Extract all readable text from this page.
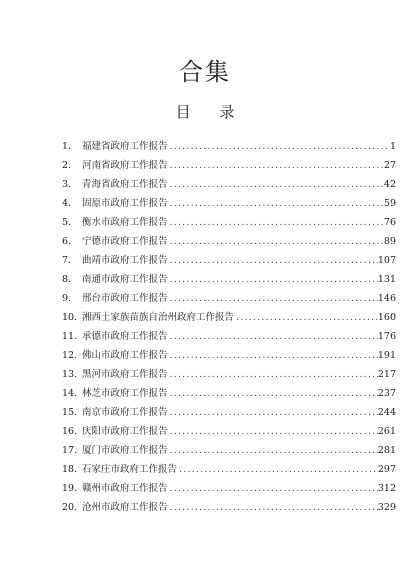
合集
目 录
1.	福建省政府工作报告 .....	1
2.	河南省政府工作报告 .....	27
3.	青海省政府工作报告 .....	42
4.	固原市政府工作报告 .....	59
5.	衡水市政府工作报告 .....	76
6.	宁德市政府工作报告 .....	89
7.	曲靖市政府工作报告 .....	107
8.	南通市政府工作报告 .....	131
9.	邢台市政府工作报告 .....	146
10. 湘西土家族苗族自治州政府工作报告 .....	160
11. 承德市政府工作报告 .....	176
12. 佛山市政府工作报告 .....	191
13. 黑河市政府工作报告 .....	217
14. 林芝市政府工作报告 .....	237
15. 南京市政府工作报告 .....	244
16. 庆阳市政府工作报告 .....	261
17. 厦门市政府工作报告 .....	281
18. 石家庄市政府工作报告 .....	297
19. 赣州市政府工作报告 .....	312
20. 沧州市政府工作报告 .....	329
